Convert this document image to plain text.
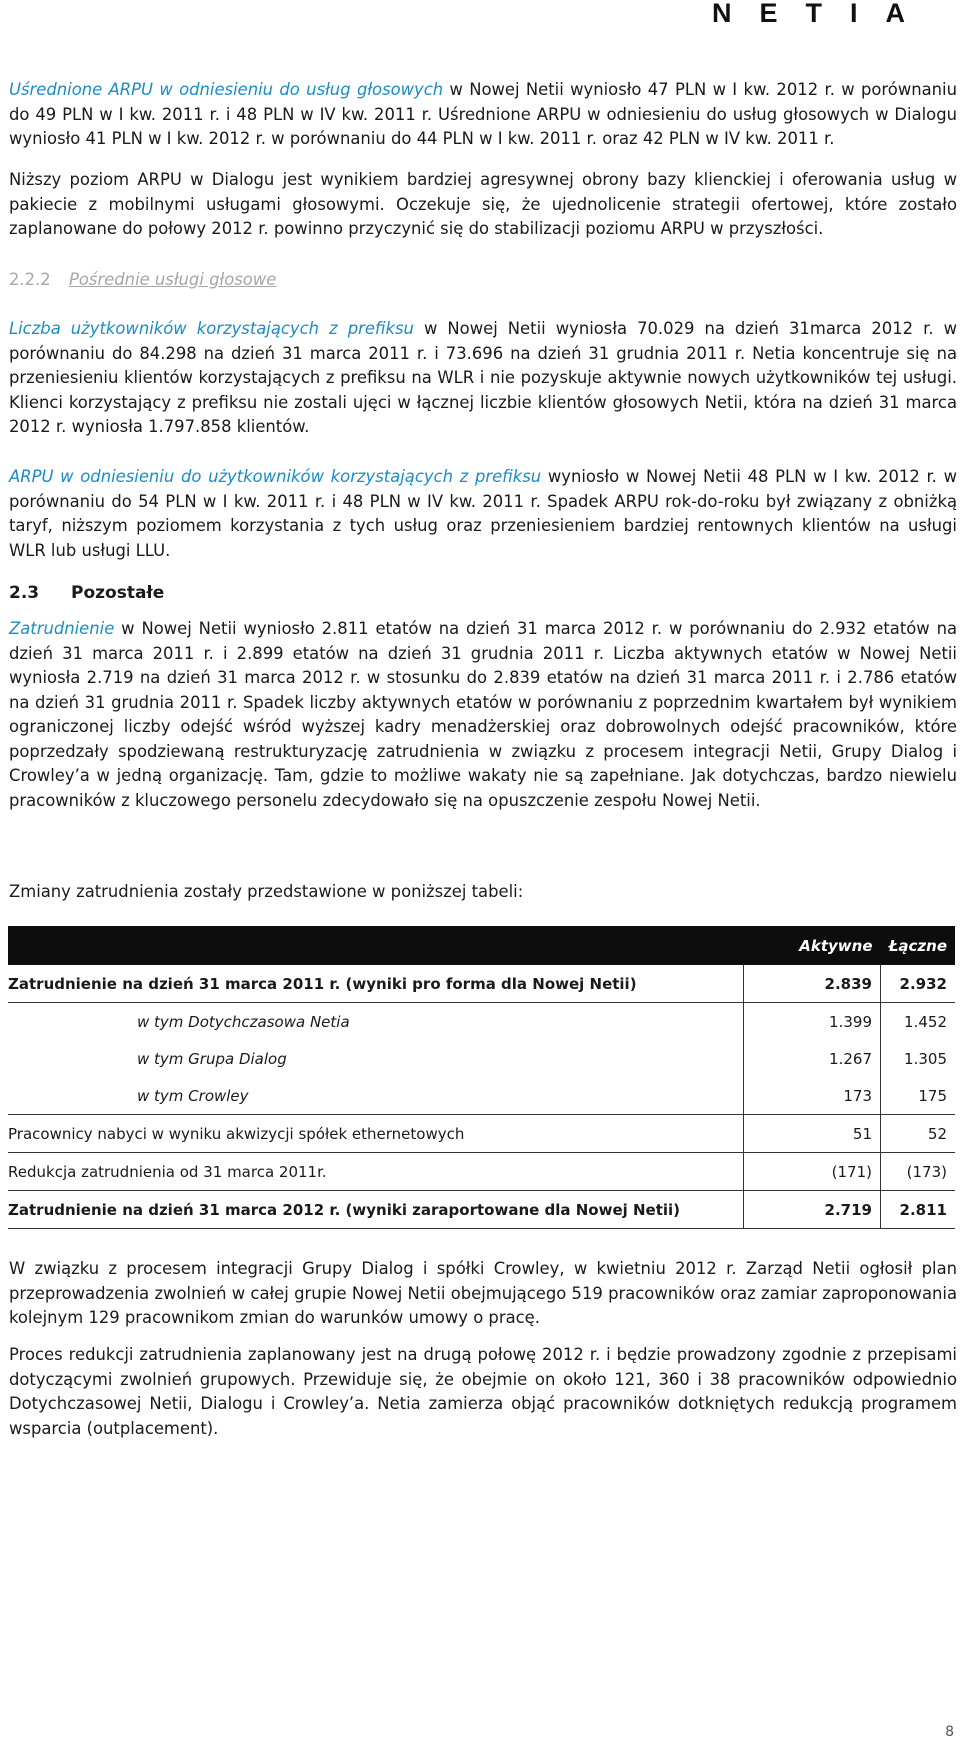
NETIA

Uśrednione ARPU w odniesieniu do usług głosowych w Nowej Netii wyniosło 47 PLN w I kw. 2012 r. w porównaniu do 49 PLN w I kw. 2011 r. i 48 PLN w IV kw. 2011 r. Uśrednione ARPU w odniesieniu do usług głosowych w Dialogu wyniosło 41 PLN w I kw. 2012 r. w porównaniu do 44 PLN w I kw. 2011 r. oraz 42 PLN w IV kw. 2011 r.

Niższy poziom ARPU w Dialogu jest wynikiem bardziej agresywnej obrony bazy klienckiej i oferowania usług w pakiecie z mobilnymi usługami głosowymi. Oczekuje się, że ujednolicenie strategii ofertowej, które zostało zaplanowane do połowy 2012 r. powinno przyczynić się do stabilizacji poziomu ARPU w przyszłości.

2.2.2 Pośrednie usługi głosowe

Liczba użytkowników korzystających z prefiksu w Nowej Netii wyniosła 70.029 na dzień 31marca 2012 r. w porównaniu do 84.298 na dzień 31 marca 2011 r. i 73.696 na dzień 31 grudnia 2011 r. Netia koncentruje się na przeniesieniu klientów korzystających z prefiksu na WLR i nie pozyskuje aktywnie nowych użytkowników tej usługi. Klienci korzystający z prefiksu nie zostali ujęci w łącznej liczbie klientów głosowych Netii, która na dzień 31 marca 2012 r. wyniosła 1.797.858 klientów.

ARPU w odniesieniu do użytkowników korzystających z prefiksu wyniosło w Nowej Netii 48 PLN w I kw. 2012 r. w porównaniu do 54 PLN w I kw. 2011 r. i 48 PLN w IV kw. 2011 r. Spadek ARPU rok-do-roku był związany z obniżką taryf, niższym poziomem korzystania z tych usług oraz przeniesieniem bardziej rentownych klientów na usługi WLR lub usługi LLU.

2.3 Pozostałe

Zatrudnienie w Nowej Netii wyniosło 2.811 etatów na dzień 31 marca 2012 r. w porównaniu do 2.932 etatów na dzień 31 marca 2011 r. i 2.899 etatów na dzień 31 grudnia 2011 r. Liczba aktywnych etatów w Nowej Netii wyniosła 2.719 na dzień 31 marca 2012 r. w stosunku do 2.839 etatów na dzień 31 marca 2011 r. i 2.786 etatów na dzień 31 grudnia 2011 r. Spadek liczby aktywnych etatów w porównaniu z poprzednim kwartałem był wynikiem ograniczonej liczby odejść wśród wyższej kadry menadżerskiej oraz dobrowolnych odejść pracowników, które poprzedzały spodziewaną restrukturyzację zatrudnienia w związku z procesem integracji Netii, Grupy Dialog i Crowley’a w jedną organizację. Tam, gdzie to możliwe wakaty nie są zapełniane. Jak dotychczas, bardzo niewielu pracowników z kluczowego personelu zdecydowało się na opuszczenie zespołu Nowej Netii.

Zmiany zatrudnienia zostały przedstawione w poniższej tabeli:

	Aktywne	Łączne
Zatrudnienie na dzień 31 marca 2011 r. (wyniki pro forma dla Nowej Netii)	2.839	2.932
w tym Dotychczasowa Netia	1.399	1.452
w tym Grupa Dialog	1.267	1.305
w tym Crowley	173	175
Pracownicy nabyci w wyniku akwizycji spółek ethernetowych	51	52
Redukcja zatrudnienia od 31 marca 2011r.	(171)	(173)
Zatrudnienie na dzień 31 marca 2012 r. (wyniki zaraportowane dla Nowej Netii)	2.719	2.811

W związku z procesem integracji Grupy Dialog i spółki Crowley, w kwietniu 2012 r. Zarząd Netii ogłosił plan przeprowadzenia zwolnień w całej grupie Nowej Netii obejmującego 519 pracowników oraz zamiar zaproponowania kolejnym 129 pracownikom zmian do warunków umowy o pracę.

Proces redukcji zatrudnienia zaplanowany jest na drugą połowę 2012 r. i będzie prowadzony zgodnie z przepisami dotyczącymi zwolnień grupowych. Przewiduje się, że obejmie on około 121, 360 i 38 pracowników odpowiednio Dotychczasowej Netii, Dialogu i Crowley’a. Netia zamierza objąć pracowników dotkniętych redukcją programem wsparcia (outplacement).

8
